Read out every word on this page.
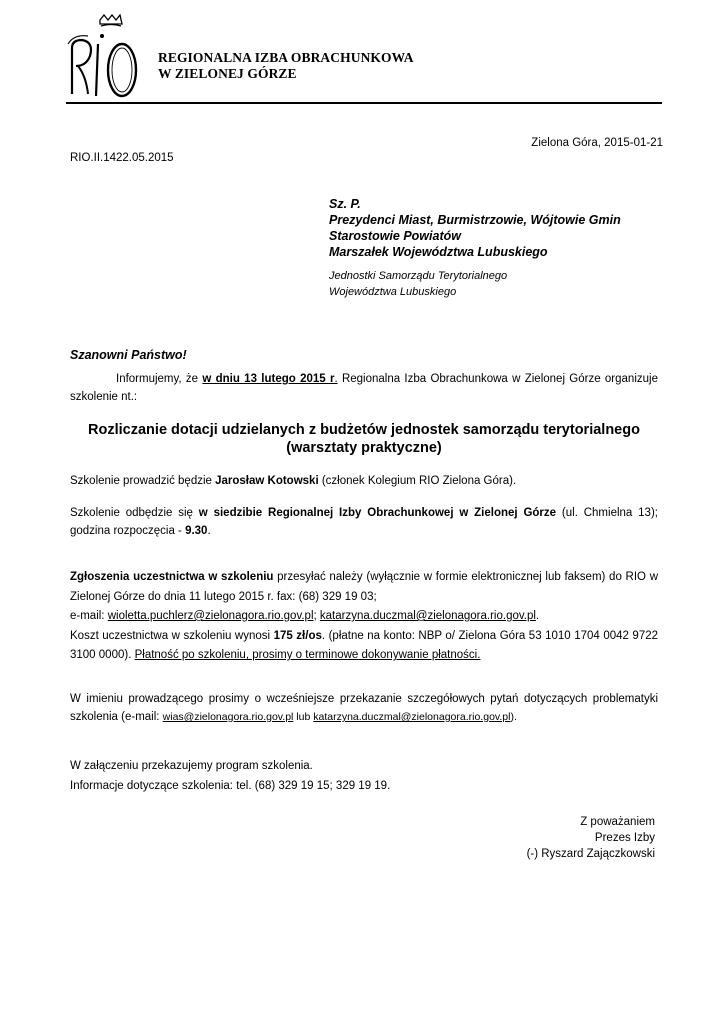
REGIONALNA IZBA OBRACHUNKOWA
W ZIELONEJ GÓRZE
Zielona Góra, 2015-01-21
RIO.II.1422.05.2015
Sz. P.
Prezydenci Miast, Burmistrzowie, Wójtowie Gmin
Starostowie Powiatów
Marszałek Województwa Lubuskiego
Jednostki Samorządu Terytorialnego
Województwa Lubuskiego
Szanowni Państwo!
Informujemy, że w dniu 13 lutego 2015 r. Regionalna Izba Obrachunkowa w Zielonej Górze organizuje szkolenie nt.:
Rozliczanie dotacji udzielanych z budżetów jednostek samorządu terytorialnego
(warsztaty praktyczne)
Szkolenie prowadzić będzie Jarosław Kotowski (członek Kolegium RIO Zielona Góra).
Szkolenie odbędzie się w siedzibie Regionalnej Izby Obrachunkowej w Zielonej Górze (ul. Chmielna 13); godzina rozpoczęcia - 9.30.
Zgłoszenia uczestnictwa w szkoleniu przesyłać należy (wyłącznie w formie elektronicznej lub faksem) do RIO w Zielonej Górze do dnia 11 lutego 2015 r. fax: (68) 329 19 03;
e-mail: wioletta.puchlerz@zielonagora.rio.gov.pl; katarzyna.duczmal@zielonagora.rio.gov.pl.
Koszt uczestnictwa w szkoleniu wynosi 175 zł/os. (płatne na konto: NBP o/ Zielona Góra 53 1010 1704 0042 9722 3100 0000). Płatność po szkoleniu, prosimy o terminowe dokonywanie płatności.
W imieniu prowadzącego prosimy o wcześniejsze przekazanie szczegółowych pytań dotyczących problematyki szkolenia (e-mail: wias@zielonagora.rio.gov.pl lub katarzyna.duczmal@zielonagora.rio.gov.pl).
W załączeniu przekazujemy program szkolenia.
Informacje dotyczące szkolenia: tel. (68) 329 19 15; 329 19 19.
Z poważaniem
Prezes Izby
(-) Ryszard Zajączkowski
